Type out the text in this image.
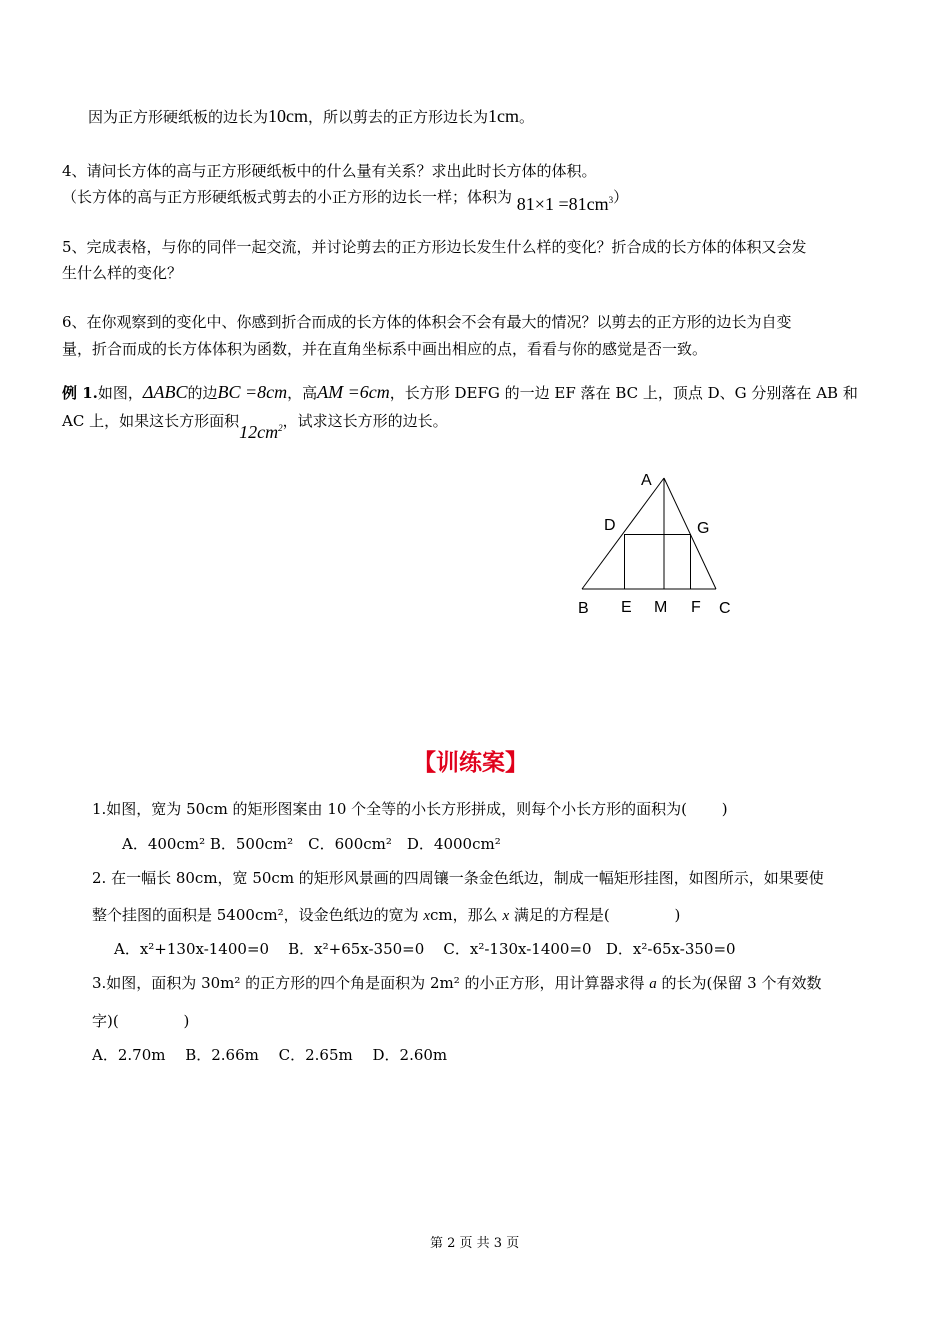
因为正方形硬纸板的边长为10cm，所以剪去的正方形边长为1cm。
4、请问长方体的高与正方形硬纸板中的什么量有关系？求出此时长方体的体积。
（长方体的高与正方形硬纸板式剪去的小正方形的边长一样；体积为 $81\times 1 =81cm^3$）
5、完成表格，与你的同伴一起交流，并讨论剪去的正方形边长发生什么样的变化？折合成的长方体的体积又会发
生什么样的变化？
6、在你观察到的变化中、你感到折合而成的长方体的体积会不会有最大的情况？以剪去的正方形的边长为自变
量，折合而成的长方体体积为函数，并在直角坐标系中画出相应的点，看看与你的感觉是否一致。
例 1.如图，ΔABC的边BC =8cm，高AM =6cm，长方形 DEFG 的一边 EF 落在 BC 上，顶点 D、G 分别落在 AB 和
AC 上，如果这长方形面积$12cm^2$，试求这长方形的边长。
A
D	G
B E M F C
【训练案】
1.如图，宽为 50cm 的矩形图案由 10 个全等的小长方形拼成，则每个小长方形的面积为(　　 )
A．400cm² B．500cm²　C．600cm²　D．4000cm²
2. 在一幅长 80cm，宽 50cm 的矩形风景画的四周镶一条金色纸边，制成一幅矩形挂图，如图所示，如果要使
整个挂图的面积是 5400cm²，设金色纸边的宽为 xcm，那么 x 满足的方程是(　　　　 )
A．x²+130x-1400=0 B．x²+65x-350=0 C．x²-130x-1400=0 D．x²-65x-350=0
3.如图，面积为 30m² 的正方形的四个角是面积为 2m² 的小正方形，用计算器求得 a 的长为(保留 3 个有效数
字)(　　　　 )
A．2.70m　 B．2.66m　 C．2.65m　 D．2.60m
第 2 页 共 3 页
